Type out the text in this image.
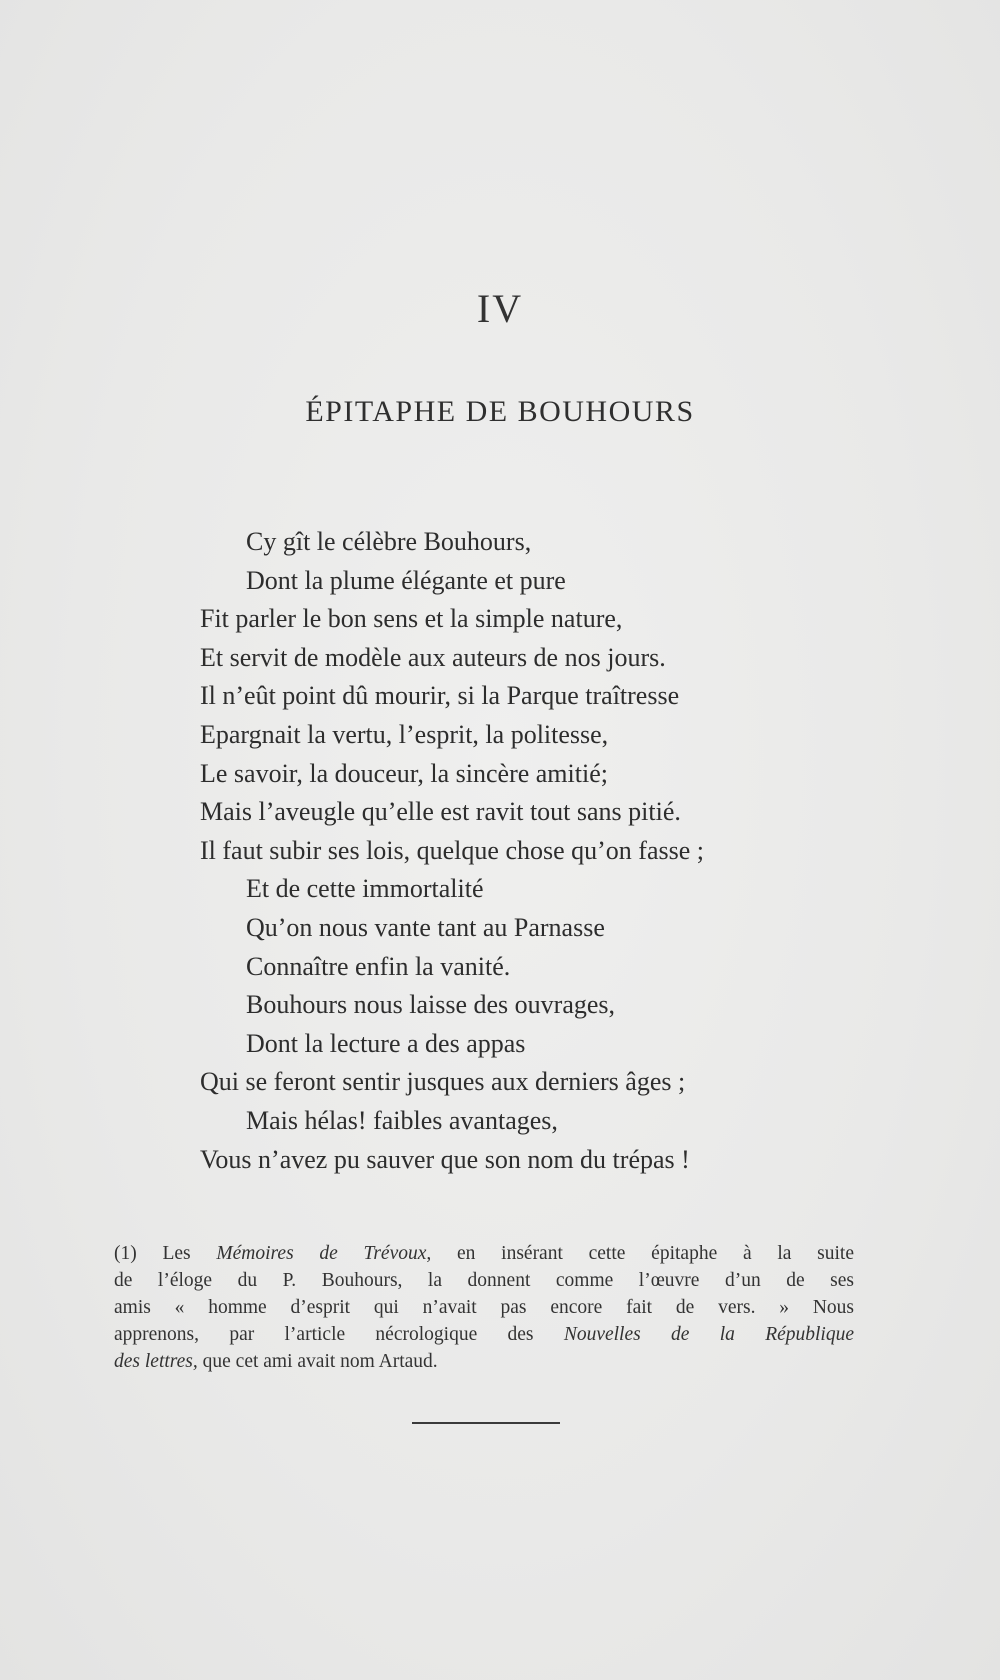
IV
ÉPITAPHE DE BOUHOURS
Cy gît le célèbre Bouhours,
Dont la plume élégante et pure
Fit parler le bon sens et la simple nature,
Et servit de modèle aux auteurs de nos jours.
Il n’eût point dû mourir, si la Parque traîtresse
Epargnait la vertu, l’esprit, la politesse,
Le savoir, la douceur, la sincère amitié;
Mais l’aveugle qu’elle est ravit tout sans pitié.
Il faut subir ses lois, quelque chose qu’on fasse ;
Et de cette immortalité
Qu’on nous vante tant au Parnasse
Connaître enfin la vanité.
Bouhours nous laisse des ouvrages,
Dont la lecture a des appas
Qui se feront sentir jusques aux derniers âges ;
Mais hélas! faibles avantages,
Vous n’avez pu sauver que son nom du trépas !
(1) Les Mémoires de Trévoux, en insérant cette épitaphe à la suite
de l’éloge du P. Bouhours, la donnent comme l’œuvre d’un de ses
amis « homme d’esprit qui n’avait pas encore fait de vers. » Nous
apprenons, par l’article nécrologique des Nouvelles de la République
des lettres, que cet ami avait nom Artaud.
